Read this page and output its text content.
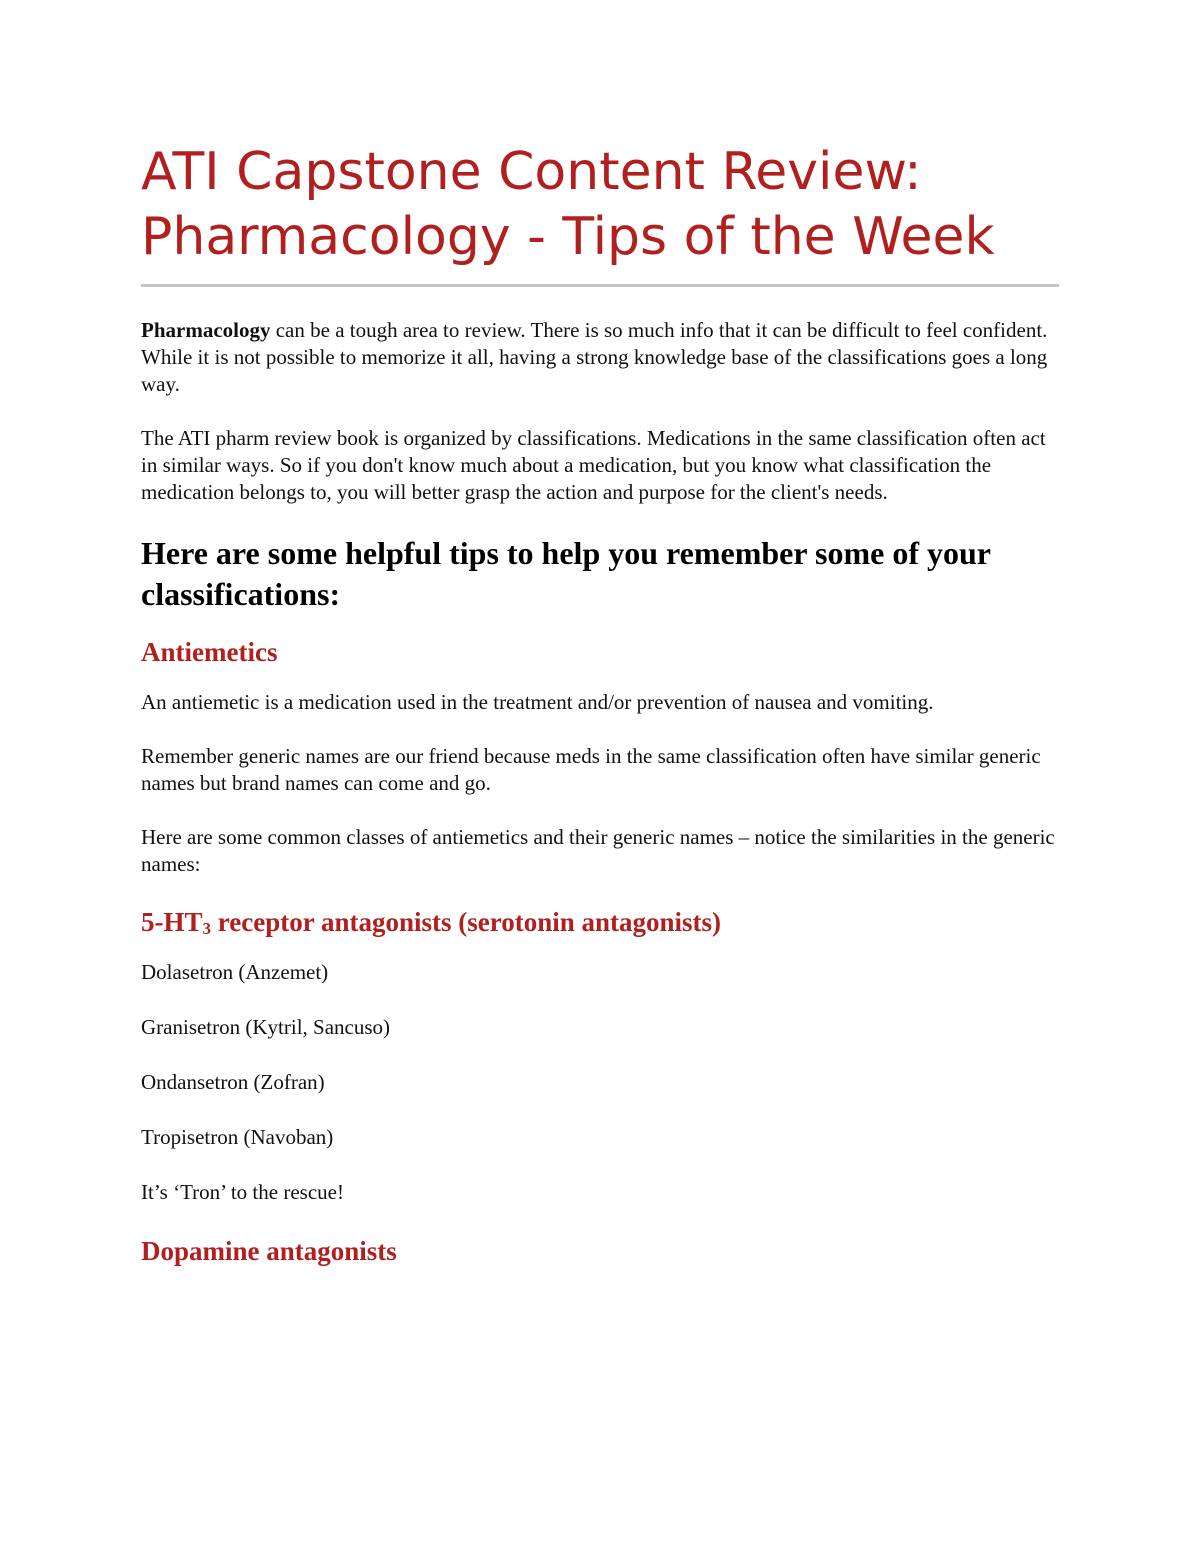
ATI Capstone Content Review: Pharmacology - Tips of the Week

Pharmacology can be a tough area to review. There is so much info that it can be difficult to feel confident. While it is not possible to memorize it all, having a strong knowledge base of the classifications goes a long way.

The ATI pharm review book is organized by classifications. Medications in the same classification often act in similar ways. So if you don't know much about a medication, but you know what classification the medication belongs to, you will better grasp the action and purpose for the client's needs.

Here are some helpful tips to help you remember some of your classifications:
Antiemetics

An antiemetic is a medication used in the treatment and/or prevention of nausea and vomiting.

Remember generic names are our friend because meds in the same classification often have similar generic names but brand names can come and go.

Here are some common classes of antiemetics and their generic names – notice the similarities in the generic names:

$5-HT_3$ receptor antagonists (serotonin antagonists)

Dolasetron (Anzemet)

Granisetron (Kytril, Sancuso)

Ondansetron (Zofran)

Tropisetron (Navoban)

It’s ‘Tron’ to the rescue!

Dopamine antagonists
